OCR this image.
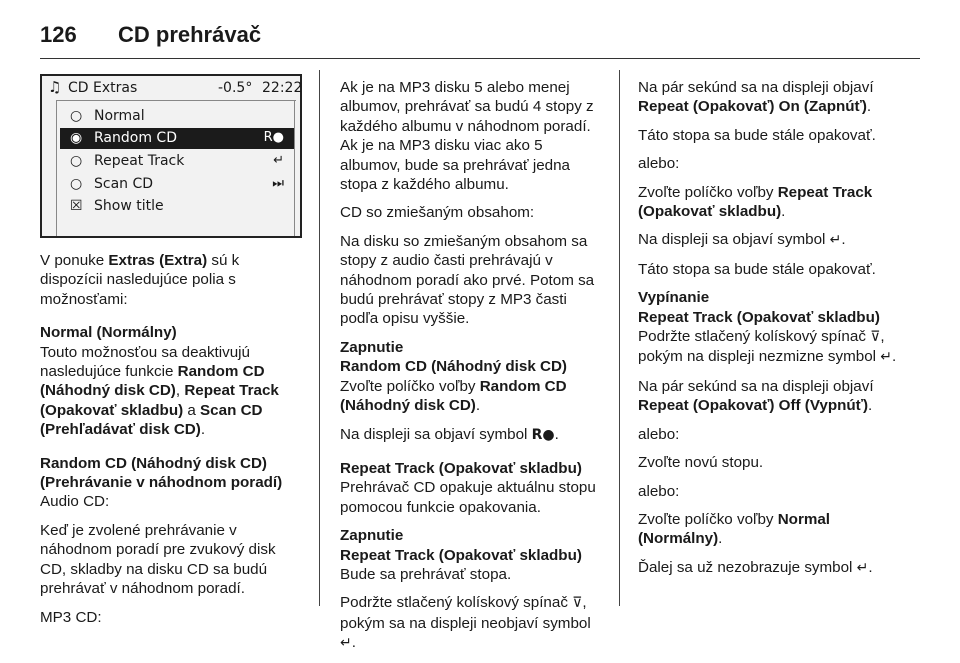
126 CD prehrávač
♫ CD Extras	-0.5° 22:22
○ Normal
◉ Random CD	R●
○ Repeat Track	↵
○ Scan CD	⏭
☒ Show title

V ponuke Extras (Extra) sú k dispozícii nasledujúce polia s možnosťami:

Normal (Normálny)

Touto možnosťou sa deaktivujú nasledujúce funkcie Random CD (Náhodný disk CD), Repeat Track (Opakovať skladbu) a Scan CD (Prehľadávať disk CD).

Random CD (Náhodný disk CD)

(Prehrávanie v náhodnom poradí)

Audio CD:

Keď je zvolené prehrávanie v náhodnom poradí pre zvukový disk CD, skladby na disku CD sa budú prehrávať v náhodnom poradí.

MP3 CD:

Ak je na MP3 disku 5 alebo menej albumov, prehrávať sa budú 4 stopy z každého albumu v náhodnom poradí. Ak je na MP3 disku viac ako 5 albumov, bude sa prehrávať jedna stopa z každého albumu.

CD so zmiešaným obsahom:

Na disku so zmiešaným obsahom sa stopy z audio časti prehrávajú v náhodnom poradí ako prvé. Potom sa budú prehrávať stopy z MP3 časti podľa opisu vyššie.

Zapnutie

Random CD (Náhodný disk CD)

Zvoľte políčko voľby Random CD (Náhodný disk CD).

Na displeji sa objaví symbol R●.

Repeat Track (Opakovať skladbu)

Prehrávač CD opakuje aktuálnu stopu pomocou funkcie opakovania.

Zapnutie

Repeat Track (Opakovať skladbu)

Bude sa prehrávať stopa.

Podržte stlačený kolískový spínač ⊽, pokým sa na displeji neobjaví symbol ↵.

Na pár sekúnd sa na displeji objaví
Repeat (Opakovať) On (Zapnúť).

Táto stopa sa bude stále opakovať.

alebo:

Zvoľte políčko voľby Repeat Track (Opakovať skladbu).

Na displeji sa objaví symbol ↵.

Táto stopa sa bude stále opakovať.

Vypínanie

Repeat Track (Opakovať skladbu)

Podržte stlačený kolískový spínač ⊽, pokým na displeji nezmizne symbol ↵.

Na pár sekúnd sa na displeji objaví
Repeat (Opakovať) Off (Vypnúť).

alebo:

Zvoľte novú stopu.

alebo:

Zvoľte políčko voľby Normal (Normálny).

Ďalej sa už nezobrazuje symbol ↵.
